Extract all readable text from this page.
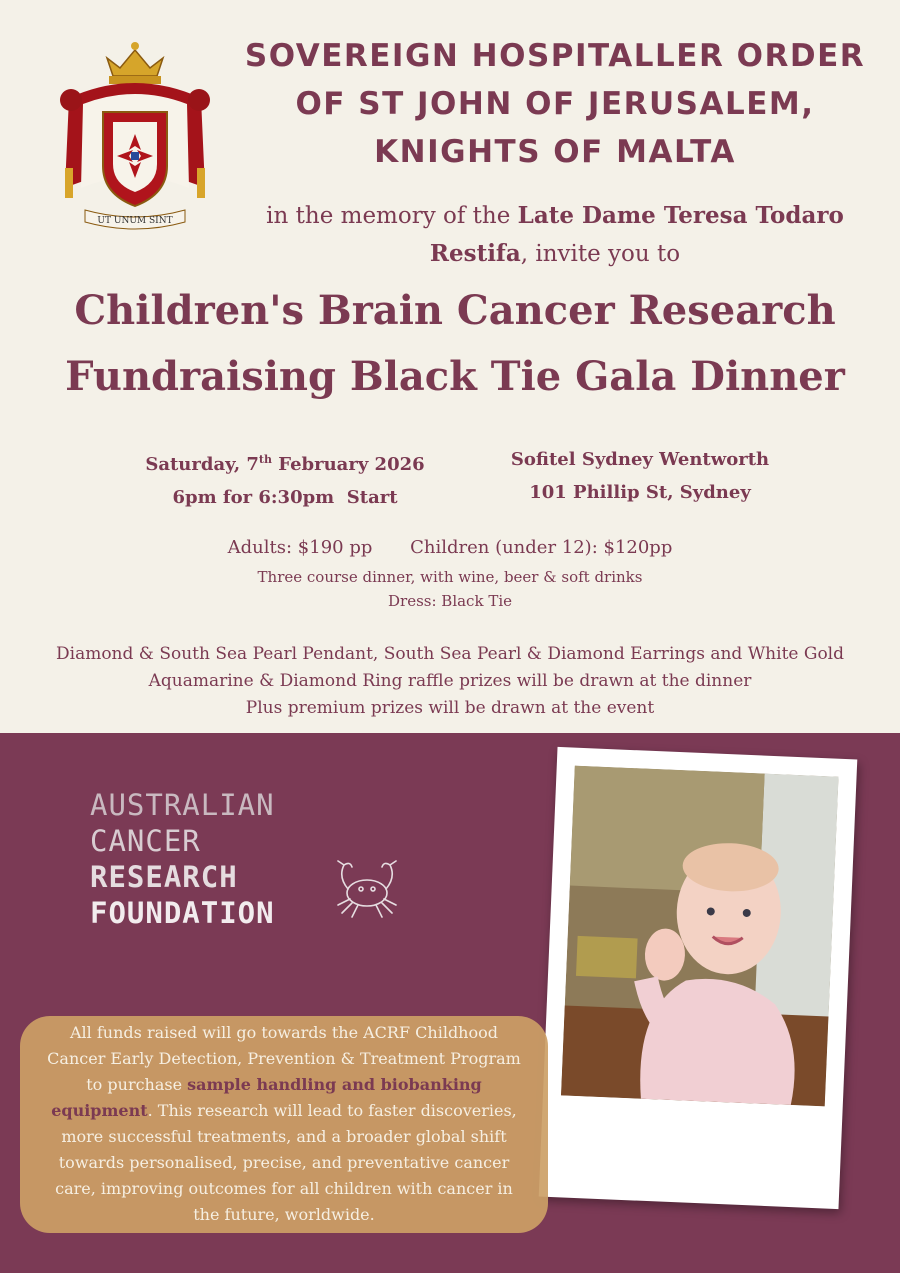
UT UNUM SINT
SOVEREIGN HOSPITALLER ORDER
OF ST JOHN OF JERUSALEM,
KNIGHTS OF MALTA
in the memory of the Late Dame Teresa Todaro
Restifa, invite you to
Children's Brain Cancer Research
Fundraising Black Tie Gala Dinner
Saturday, 7th February 2026
6pm for 6:30pm  Start
Sofitel Sydney Wentworth
101 Phillip St, Sydney
Adults: $190 pp Children (under 12): $120pp
Three course dinner, with wine, beer & soft drinks
Dress: Black Tie
Diamond & South Sea Pearl Pendant, South Sea Pearl & Diamond Earrings and White Gold
Aquamarine & Diamond Ring raffle prizes will be drawn at the dinner
Plus premium prizes will be drawn at the event
AUSTRALIAN
CANCER
RESEARCH
FOUNDATION
All funds raised will go towards the ACRF Childhood Cancer Early Detection, Prevention & Treatment Program to purchase sample handling and biobanking equipment. This research will lead to faster discoveries, more successful treatments, and a broader global shift towards personalised, precise, and preventative cancer care, improving outcomes for all children with cancer in the future, worldwide.
